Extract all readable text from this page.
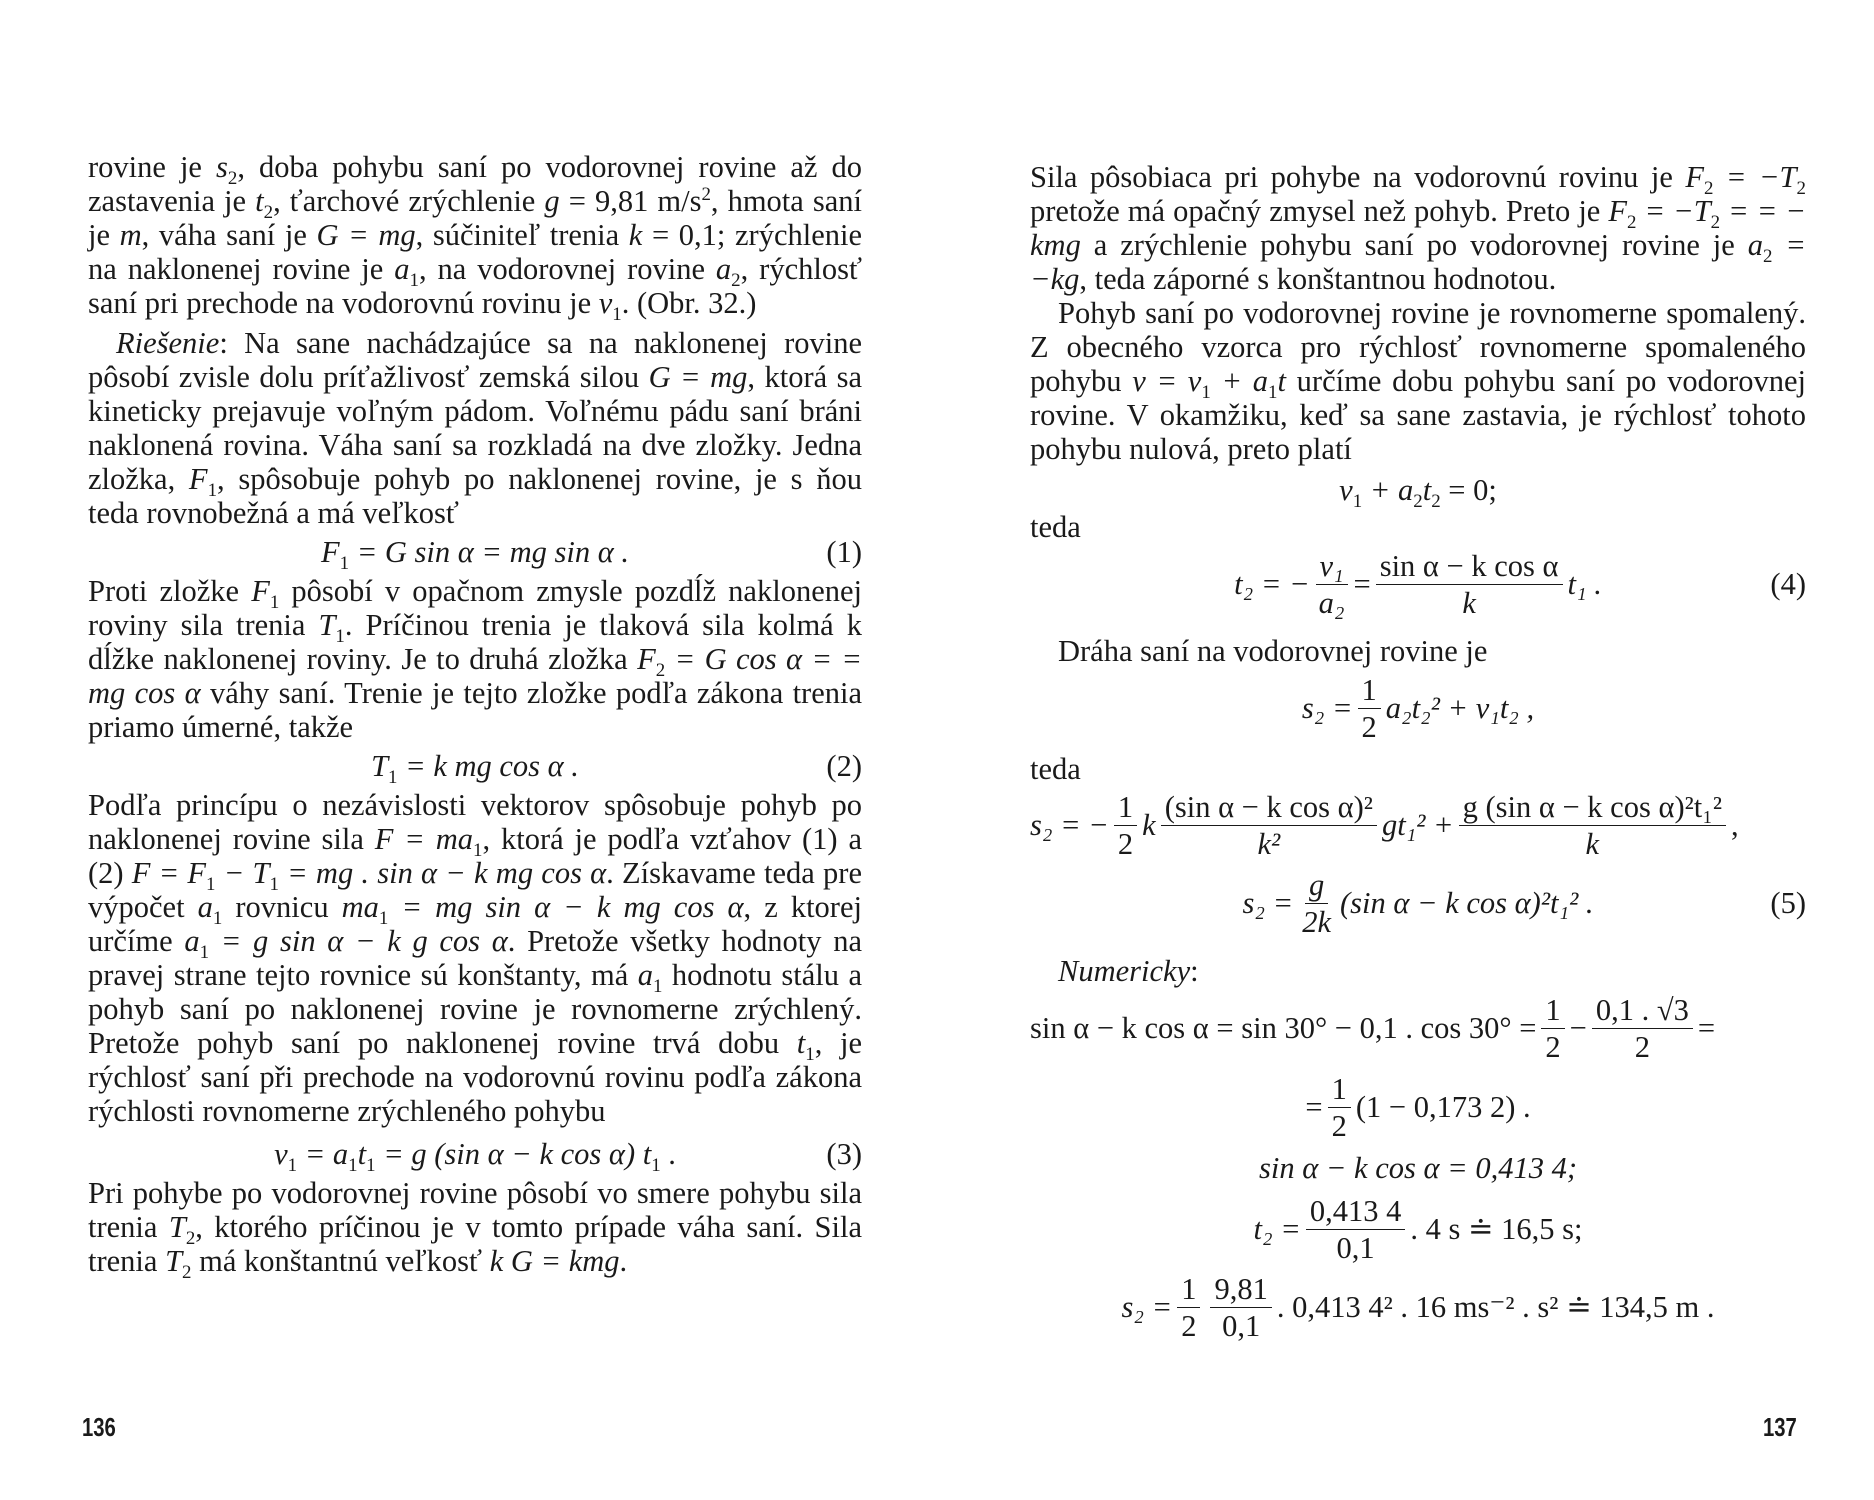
rovine je $s_2$, doba pohybu saní po vodorovnej rovine až do zastavenia je $t_2$, ťarchové zrýchlenie g = 9,81 $m/s^2$, hmota saní je m, váha saní je G = mg, súčiniteľ trenia k = 0,1; zrýchlenie na naklonenej rovine je $a_1$, na vodorovnej rovine $a_2$, rýchlosť saní pri prechode na vodorovnú rovinu je $v_1$. (Obr. 32.)

Riešenie: Na sane nachádzajúce sa na naklonenej rovine pôsobí zvisle dolu príťažlivosť zemská silou G = mg, ktorá sa kineticky prejavuje voľným pádom. Voľnému pádu saní bráni naklonená rovina. Váha saní sa rozkladá na dve zložky. Jedna zložka, $F_1$, spôsobuje pohyb po naklonenej rovine, je s ňou teda rovnobežná a má veľkosť

$F_1 = G$ sin α = mg sin α .	(1)

Proti zložke $F_1$ pôsobí v opačnom zmysle pozdĺž naklonenej roviny sila trenia $T_1$. Príčinou trenia je tlaková sila kolmá k dĺžke naklonenej roviny. Je to druhá zložka $F_2 = G$ cos α = = mg cos α váhy saní. Trenie je tejto zložke podľa zákona trenia priamo úmerné, takže

$T_1 = k$ mg cos α .	(2)

Podľa princípu o nezávislosti vektorov spôsobuje pohyb po naklonenej rovine sila $F = ma_1$, ktorá je podľa vzťahov (1) a (2) $F = F_1 - T_1$ = mg . sin α − k mg cos α. Získavame teda pre výpočet $a_1$ rovnicu $ma_1$ = mg sin α − k mg cos α, z ktorej určíme $a_1 = g$ sin α − k g cos α. Pretože všetky hodnoty na pravej strane tejto rovnice sú konštanty, má $a_1$ hodnotu stálu a pohyb saní po naklonenej rovine je rovnomerne zrýchlený. Pretože pohyb saní po naklonenej rovine trvá dobu $t_1$, je rýchlosť saní při prechode na vodorovnú rovinu podľa zákona rýchlosti rovnomerne zrýchleného pohybu

$v_1 = a_1t_1 = g$ (sin α − k cos α) $t_1$ .	(3)

Pri pohybe po vodorovnej rovine pôsobí vo smere pohybu sila trenia $T_2$, ktorého príčinou je v tomto prípade váha saní. Sila trenia $T_2$ má konštantnú veľkosť k G = kmg.

Sila pôsobiaca pri pohybe na vodorovnú rovinu je $F_2 = -T_2$ pretože má opačný zmysel než pohyb. Preto je $F_2 = -T_2$ = = − kmg a zrýchlenie pohybu saní po vodorovnej rovine je $a_2 = -kg$, teda záporné s konštantnou hodnotou.

Pohyb saní po vodorovnej rovine je rovnomerne spomalený. Z obecného vzorca pro rýchlosť rovnomerne spomaleného pohybu $v = v_1 + a_1t$ určíme dobu pohybu saní po vodorovnej rovine. V okamžiku, keď sa sane zastavia, je rýchlosť tohoto pohybu nulová, preto platí

$v_1 + a_2t_2 = 0$;

teda

t₂ = − $\frac{\text{v₁}}{\text{a₂}} = \frac{\text{sin α − k cos α}}{k} t_1$ .	(4)

Dráha saní na vodorovnej rovine je

$s_2 = \frac{1}{2} a_2t_2^2 + v_1t_2$ ,

teda

s₂ = − $\frac{1}{2}$ k $\frac{\text{(sin α − k cos α)²}}{\text{k²}} gt_1^2 + \frac{\text{g (sin α − k cos α)²t₁²}}{k}$ ,
$s_2 = \frac{g}{2k} (\sin$ α − k cos α)²t₁² .	(5)

Numericky:

sin α − k cos α = sin 30° − 0,1 . $\cos 30^\circ = \frac{1}{2} - \frac{0,1 . √3}{2}$ =
= $\frac{1}{2} (1 - 0,173$ 2) .
sin α − k cos α = 0,413 4;
$t_2 = \frac{0,413 4}{0,1}$ . 4 s ≐ 16,5 s;
$s_2 = \frac{1}{2} \frac{9,81}{0,1}$ . 0,413 4² . 16 ms⁻² . s² ≐ 134,5 m .
136	137
